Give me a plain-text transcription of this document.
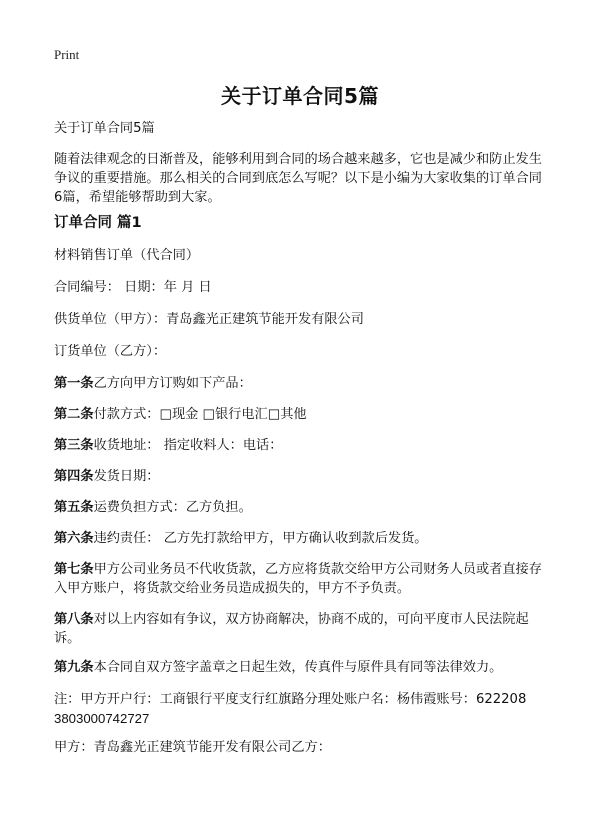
Print
关于订单合同5篇
关于订单合同5篇
随着法律观念的日渐普及，能够利用到合同的场合越来越多，它也是减少和防止发生争议的重要措施。那么相关的合同到底怎么写呢？以下是小编为大家收集的订单合同6篇，希望能够帮助到大家。
订单合同 篇1
材料销售订单（代合同）
合同编号： 日期：年 月 日
供货单位（甲方）：青岛鑫光正建筑节能开发有限公司
订货单位（乙方）：
第一条乙方向甲方订购如下产品：
第二条付款方式：□现金 □银行电汇□其他
第三条收货地址： 指定收料人：电话：
第四条发货日期：
第五条运费负担方式：乙方负担。
第六条违约责任： 乙方先打款给甲方，甲方确认收到款后发货。
第七条甲方公司业务员不代收货款，乙方应将货款交给甲方公司财务人员或者直接存入甲方账户，将货款交给业务员造成损失的，甲方不予负责。
第八条对以上内容如有争议，双方协商解决，协商不成的，可向平度市人民法院起诉。
第九条本合同自双方签字盖章之日起生效，传真件与原件具有同等法律效力。
注：甲方开户行：工商银行平度支行红旗路分理处账户名：杨伟霞账号：622208
3803000742727
甲方：青岛鑫光正建筑节能开发有限公司乙方：
